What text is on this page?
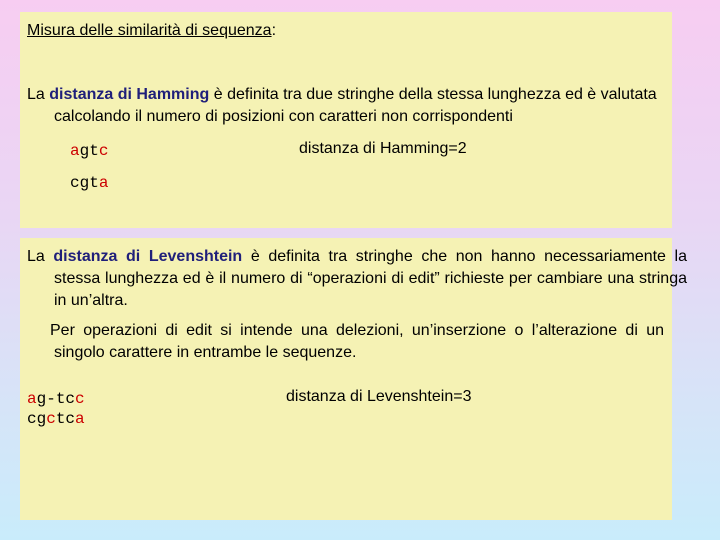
Misura delle similarità di sequenza:
La distanza di Hamming è definita tra due stringhe della stessa lunghezza ed è valutata calcolando il numero di posizioni con caratteri non corrispondenti
agtc	distanza di Hamming=2
cgta
La distanza di Levenshtein è definita tra stringhe che non hanno necessariamente la stessa lunghezza ed è il numero di “operazioni di edit” richieste per cambiare una stringa in un’altra.
Per operazioni di edit si intende una delezioni, un’inserzione o l’alterazione di un singolo carattere in entrambe le sequenze.
ag-tcc	distanza di Levenshtein=3
cgctca
